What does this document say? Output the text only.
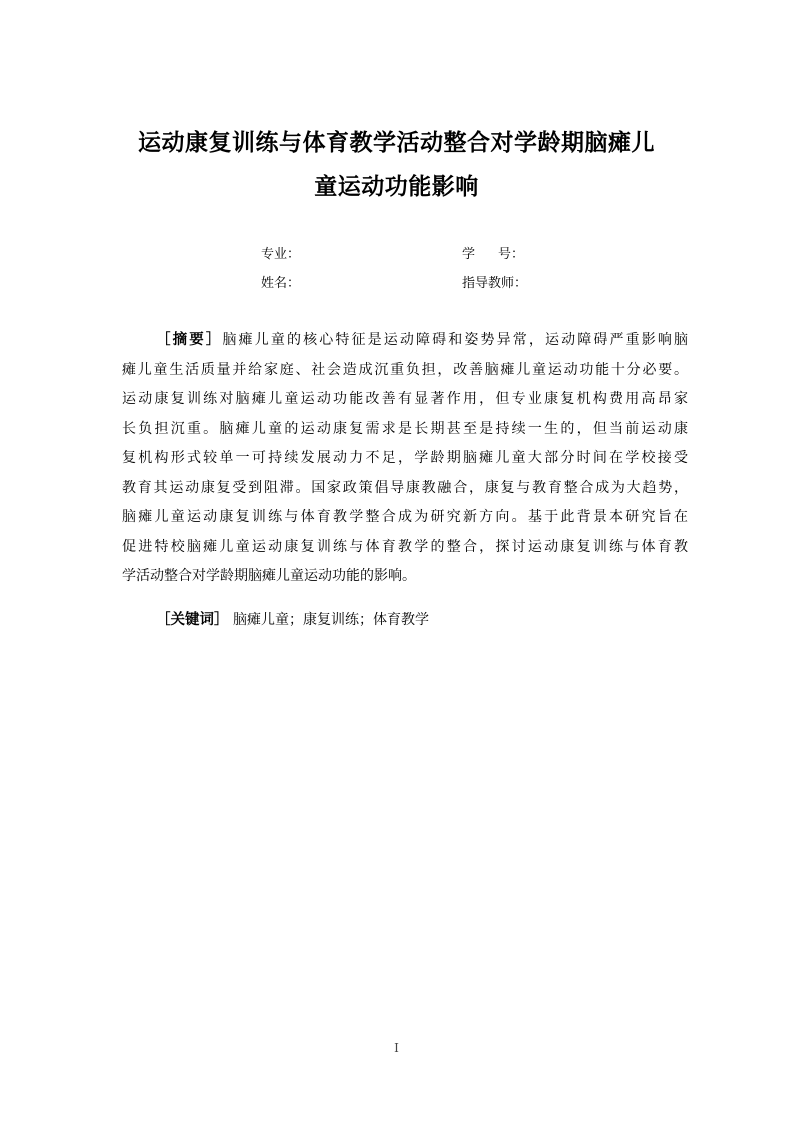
运动康复训练与体育教学活动整合对学龄期脑瘫儿
童运动功能影响
专业：	学号：
姓名：	指导教师：
［摘要］脑瘫儿童的核心特征是运动障碍和姿势异常，运动障碍严重影响脑
瘫儿童生活质量并给家庭、社会造成沉重负担，改善脑瘫儿童运动功能十分必要。
运动康复训练对脑瘫儿童运动功能改善有显著作用，但专业康复机构费用高昂家
长负担沉重。脑瘫儿童的运动康复需求是长期甚至是持续一生的，但当前运动康
复机构形式较单一可持续发展动力不足，学龄期脑瘫儿童大部分时间在学校接受
教育其运动康复受到阻滞。国家政策倡导康教融合，康复与教育整合成为大趋势，
脑瘫儿童运动康复训练与体育教学整合成为研究新方向。基于此背景本研究旨在
促进特校脑瘫儿童运动康复训练与体育教学的整合，探讨运动康复训练与体育教
学活动整合对学龄期脑瘫儿童运动功能的影响。
［关键词］ 脑瘫儿童；康复训练；体育教学
I
